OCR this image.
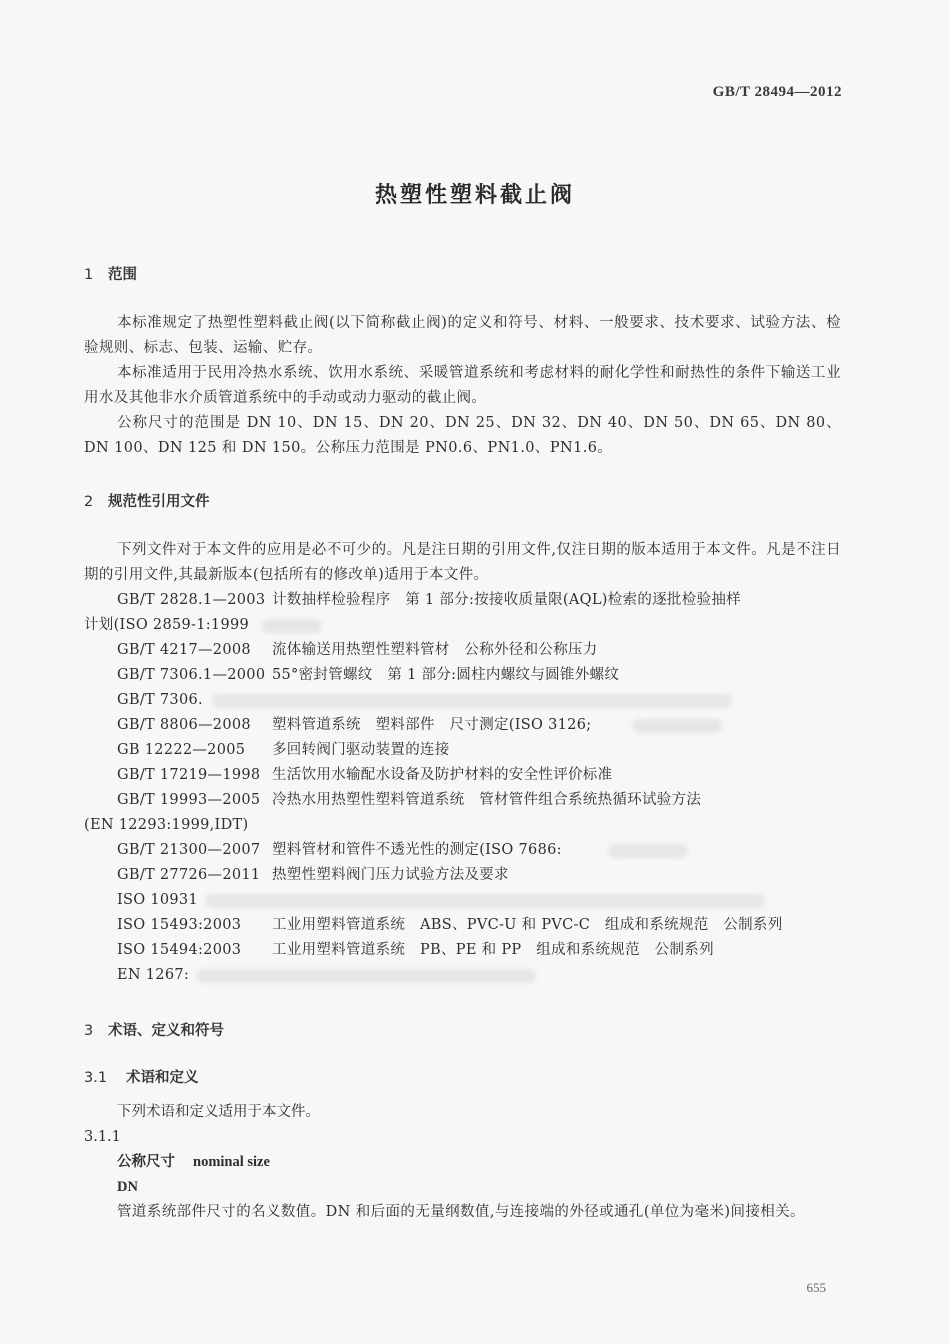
GB/T 28494—2012
热塑性塑料截止阀
1 范围
本标准规定了热塑性塑料截止阀(以下简称截止阀)的定义和符号、材料、一般要求、技术要求、试验方法、检验规则、标志、包装、运输、贮存。
本标准适用于民用冷热水系统、饮用水系统、采暖管道系统和考虑材料的耐化学性和耐热性的条件下输送工业用水及其他非水介质管道系统中的手动或动力驱动的截止阀。
公称尺寸的范围是 DN 10、DN 15、DN 20、DN 25、DN 32、DN 40、DN 50、DN 65、DN 80、DN 100、DN 125 和 DN 150。公称压力范围是 PN0.6、PN1.0、PN1.6。
2 规范性引用文件
下列文件对于本文件的应用是必不可少的。凡是注日期的引用文件,仅注日期的版本适用于本文件。凡是不注日期的引用文件,其最新版本(包括所有的修改单)适用于本文件。
GB/T 2828.1—2003 计数抽样检验程序　第 1 部分:按接收质量限(AQL)检索的逐批检验抽样
计划(ISO 2859-1:1999
GB/T 4217—2008 流体输送用热塑性塑料管材　公称外径和公称压力
GB/T 7306.1—2000 55°密封管螺纹　第 1 部分:圆柱内螺纹与圆锥外螺纹
GB/T 7306.
GB/T 8806—2008 塑料管道系统　塑料部件　尺寸测定(ISO 3126;
GB 12222—2005 多回转阀门驱动装置的连接
GB/T 17219—1998 生活饮用水输配水设备及防护材料的安全性评价标准
GB/T 19993—2005 冷热水用热塑性塑料管道系统　管材管件组合系统热循环试验方法
(EN 12293:1999,IDT)
GB/T 21300—2007 塑料管材和管件不透光性的测定(ISO 7686:
GB/T 27726—2011 热塑性塑料阀门压力试验方法及要求
ISO 10931
ISO 15493:2003 工业用塑料管道系统　ABS、PVC-U 和 PVC-C　组成和系统规范　公制系列
ISO 15494:2003 工业用塑料管道系统　PB、PE 和 PP　组成和系统规范　公制系列
EN 1267:
3 术语、定义和符号
3.1 术语和定义
下列术语和定义适用于本文件。
3.1.1
公称尺寸 nominal size
DN
管道系统部件尺寸的名义数值。DN 和后面的无量纲数值,与连接端的外径或通孔(单位为毫米)间接相关。
655
